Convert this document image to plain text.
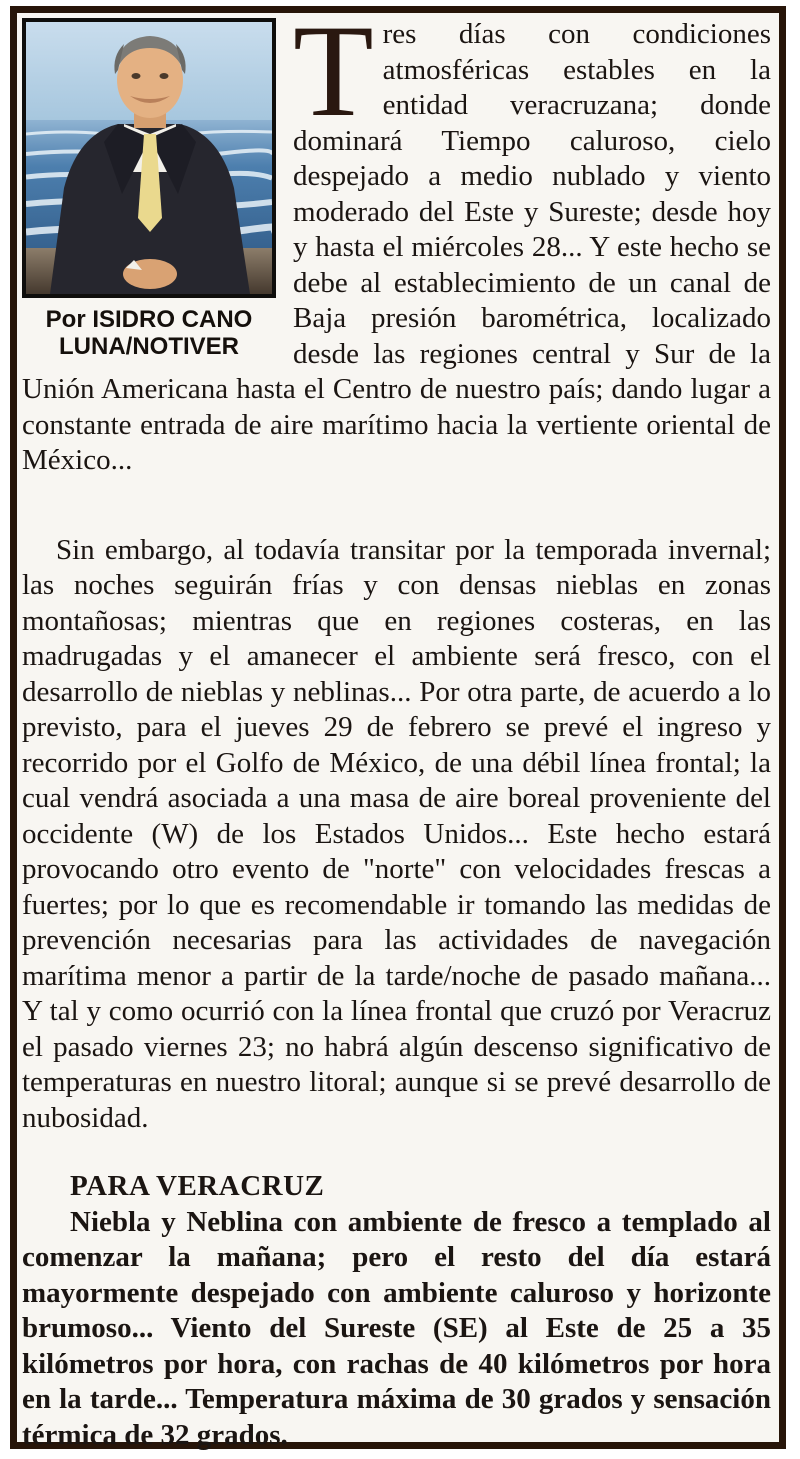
Por ISIDRO CANO
LUNA/NOTIVER

Tres días con condiciones atmosféricas estables en la entidad veracruzana; donde dominará Tiempo caluroso, cielo despejado a medio nublado y viento moderado del Este y Sureste; desde hoy y hasta el miércoles 28... Y este hecho se debe al establecimiento de un canal de Baja presión barométrica, localizado desde las regiones central y Sur de la Unión Americana hasta el Centro de nuestro país; dando lugar a constante entrada de aire marítimo hacia la vertiente oriental de México...

Sin embargo, al todavía transitar por la temporada invernal; las noches seguirán frías y con densas nieblas en zonas montañosas; mientras que en regiones costeras, en las madrugadas y el amanecer el ambiente será fresco, con el desarrollo de nieblas y neblinas... Por otra parte, de acuerdo a lo previsto, para el jueves 29 de febrero se prevé el ingreso y recorrido por el Golfo de México, de una débil línea frontal; la cual vendrá asociada a una masa de aire boreal proveniente del occidente (W) de los Estados Unidos... Este hecho estará provocando otro evento de "norte" con velocidades frescas a fuertes; por lo que es recomendable ir tomando las medidas de prevención necesarias para las actividades de navegación marítima menor a partir de la tarde/noche de pasado mañana... Y tal y como ocurrió con la línea frontal que cruzó por Veracruz el pasado viernes 23; no habrá algún descenso significativo de temperaturas en nuestro litoral; aunque si se prevé desarrollo de nubosidad.

PARA VERACRUZ

Niebla y Neblina con ambiente de fresco a templado al comenzar la mañana; pero el resto del día estará mayormente despejado con ambiente caluroso y horizonte brumoso... Viento del Sureste (SE) al Este de 25 a 35 kilómetros por hora, con rachas de 40 kilómetros por hora en la tarde... Temperatura máxima de 30 grados y sensación térmica de 32 grados.
